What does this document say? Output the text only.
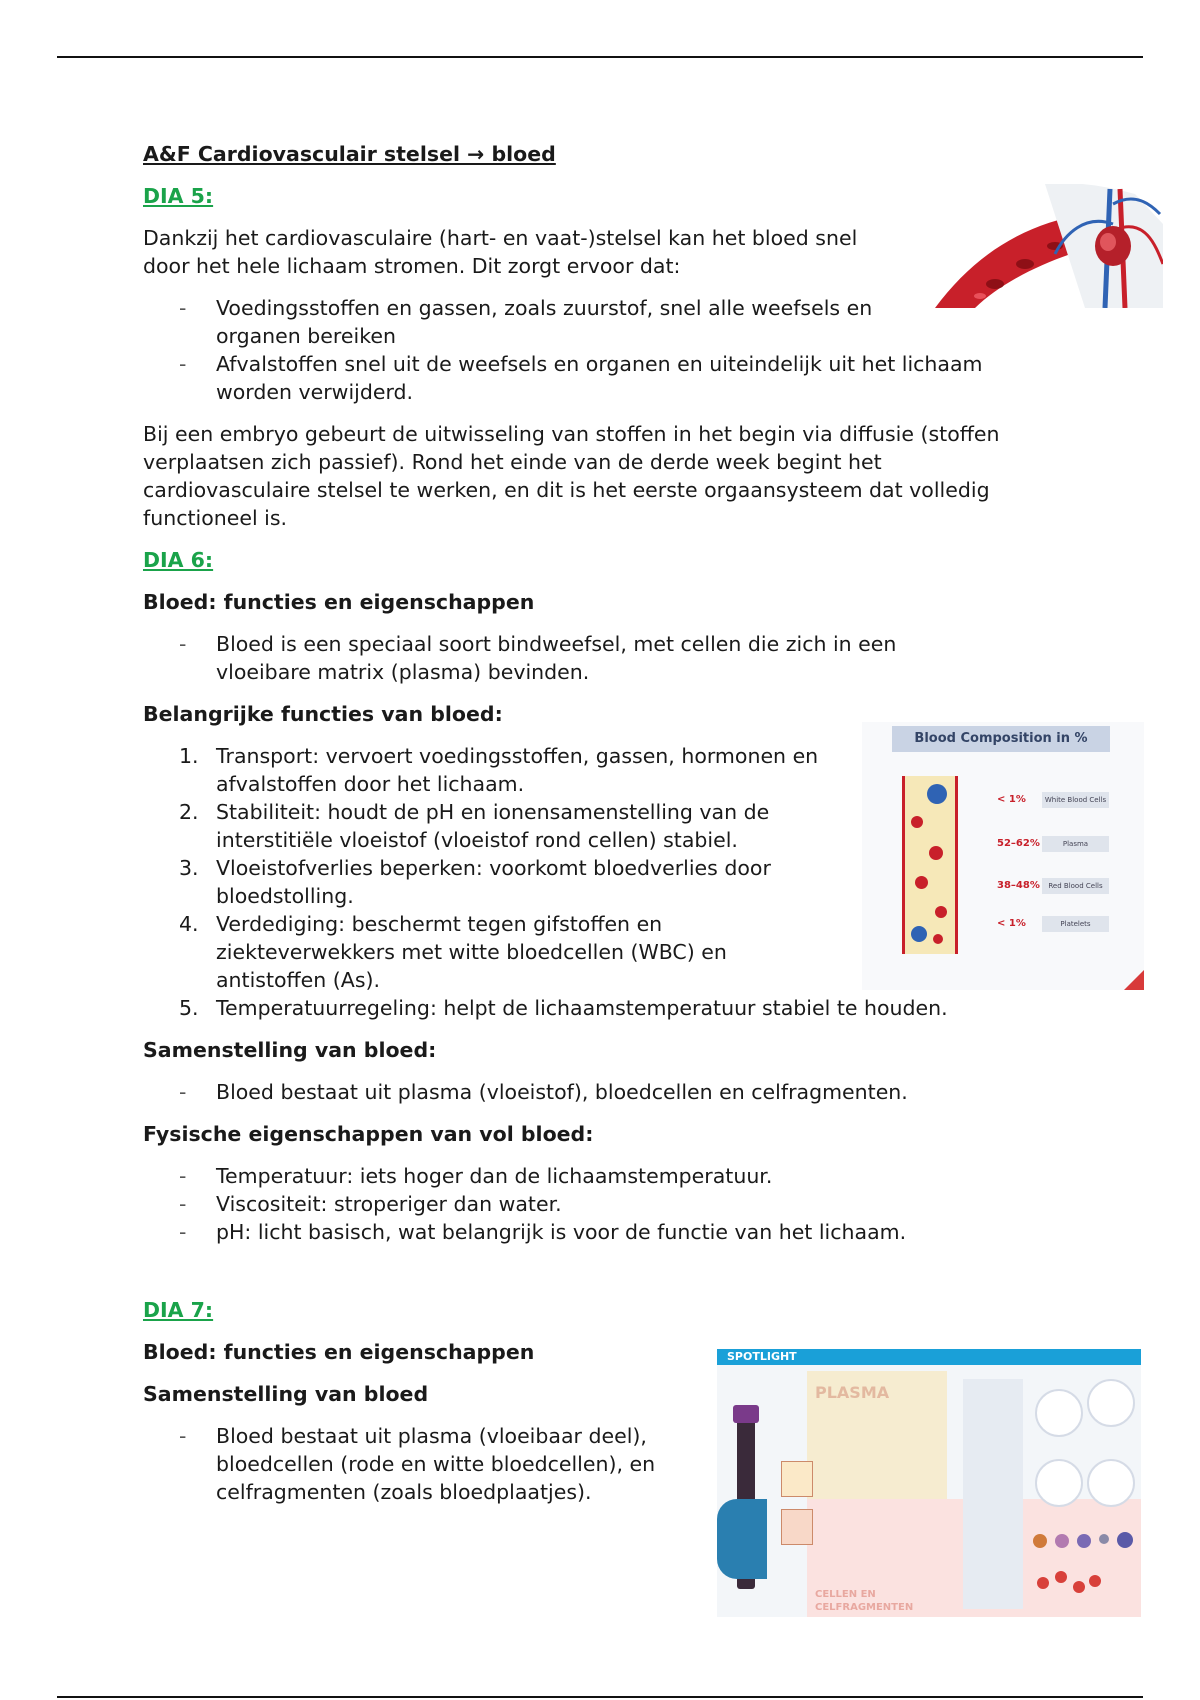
A&F Cardiovasculair stelsel → bloed
DIA 5:

Dankzij het cardiovasculaire (hart- en vaat-)stelsel kan het bloed snel door het hele lichaam stromen. Dit zorgt ervoor dat:

- Voedingsstoffen en gassen, zoals zuurstof, snel alle weefsels en organen bereiken
- Afvalstoffen snel uit de weefsels en organen en uiteindelijk uit het lichaam worden verwijderd.

Bij een embryo gebeurt de uitwisseling van stoffen in het begin via diffusie (stoffen verplaatsen zich passief). Rond het einde van de derde week begint het cardiovasculaire stelsel te werken, en dit is het eerste orgaansysteem dat volledig functioneel is.

DIA 6:
Bloed: functies en eigenschappen
- Bloed is een speciaal soort bindweefsel, met cellen die zich in een vloeibare matrix (plasma) bevinden.
Belangrijke functies van bloed:
1. Transport: vervoert voedingsstoffen, gassen, hormonen en afvalstoffen door het lichaam.
2. Stabiliteit: houdt de pH en ionensamenstelling van de interstitiële vloeistof (vloeistof rond cellen) stabiel.
3. Vloeistofverlies beperken: voorkomt bloedverlies door bloedstolling.
4. Verdediging: beschermt tegen gifstoffen en ziekteverwekkers met witte bloedcellen (WBC) en antistoffen (As).
5. Temperatuurregeling: helpt de lichaamstemperatuur stabiel te houden.
Samenstelling van bloed:
- Bloed bestaat uit plasma (vloeistof), bloedcellen en celfragmenten.
Fysische eigenschappen van vol bloed:
- Temperatuur: iets hoger dan de lichaamstemperatuur.
- Viscositeit: stroperiger dan water.
- pH: licht basisch, wat belangrijk is voor de functie van het lichaam.
DIA 7:
Bloed: functies en eigenschappen
Samenstelling van bloed
- Bloed bestaat uit plasma (vloeibaar deel), bloedcellen (rode en witte bloedcellen), en celfragmenten (zoals bloedplaatjes).
Blood Composition in %
< 1%	White Blood Cells
52–62%	Plasma
38–48%	Red Blood Cells
< 1%	Platelets
SPOTLIGHT
PLASMA
CELLEN EN
CELFRAGMENTEN
